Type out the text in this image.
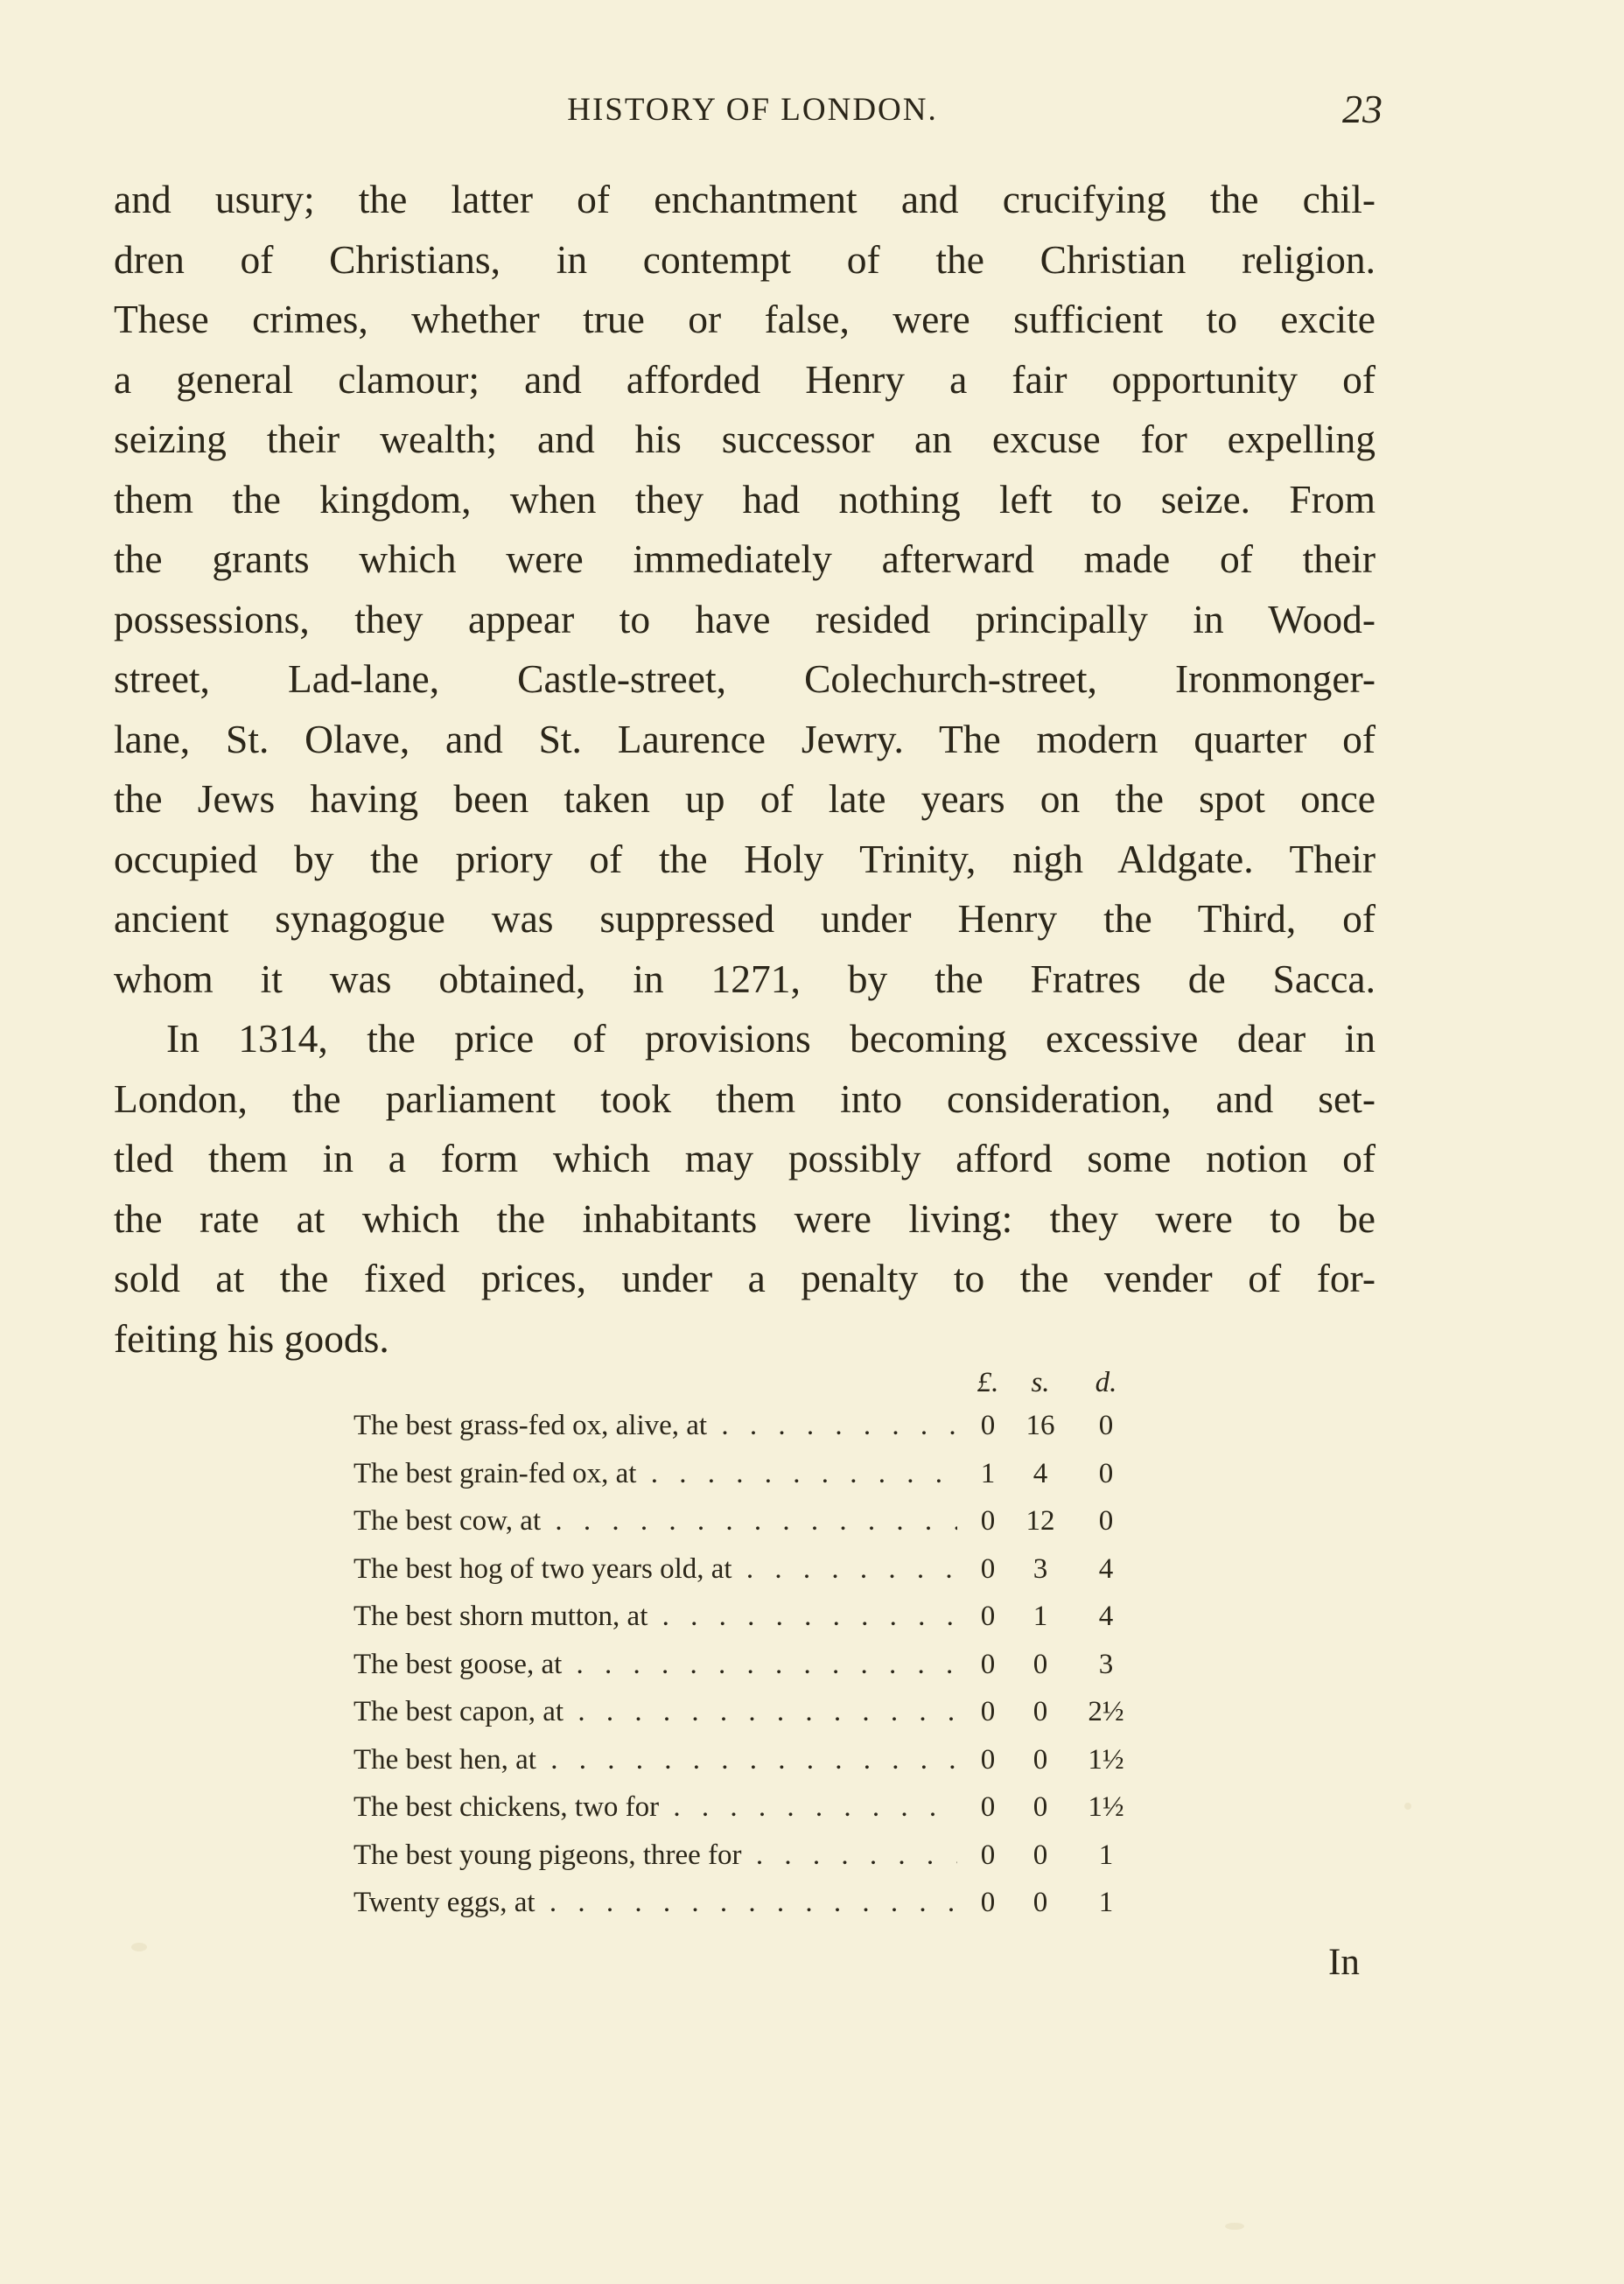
HISTORY OF LONDON.	23
and usury; the latter of enchantment and crucifying the chil-
dren of Christians, in contempt of the Christian religion.
These crimes, whether true or false, were sufficient to excite
a general clamour; and afforded Henry a fair opportunity of
seizing their wealth; and his successor an excuse for expelling
them the kingdom, when they had nothing left to seize. From
the grants which were immediately afterward made of their
possessions, they appear to have resided principally in Wood-
street, Lad-lane, Castle-street, Colechurch-street, Ironmonger-
lane, St. Olave, and St. Laurence Jewry. The modern quarter of
the Jews having been taken up of late years on the spot once
occupied by the priory of the Holy Trinity, nigh Aldgate. Their
ancient synagogue was suppressed under Henry the Third, of
whom it was obtained, in 1271, by the Fratres de Sacca.
In 1314, the price of provisions becoming excessive dear in
London, the parliament took them into consideration, and set-
tled them in a form which may possibly afford some notion of
the rate at which the inhabitants were living: they were to be
sold at the fixed prices, under a penalty to the vender of for-
feiting his goods.
£.	s.	d.
The best grass-fed ox, alive, at . . .	0	16	0
The best grain-fed ox, at . . .	1	4	0
The best cow, at . . .	0	12	0
The best hog of two years old, at . . .	0	3	4
The best shorn mutton, at . . .	0	1	4
The best goose, at . . .	0	0	3
The best capon, at . . .	0	0	2½
The best hen, at . . .	0	0	1½
The best chickens, two for . . .	0	0	1½
The best young pigeons, three for . . .	0	0	1
Twenty eggs, at . . .	0	0	1
In
